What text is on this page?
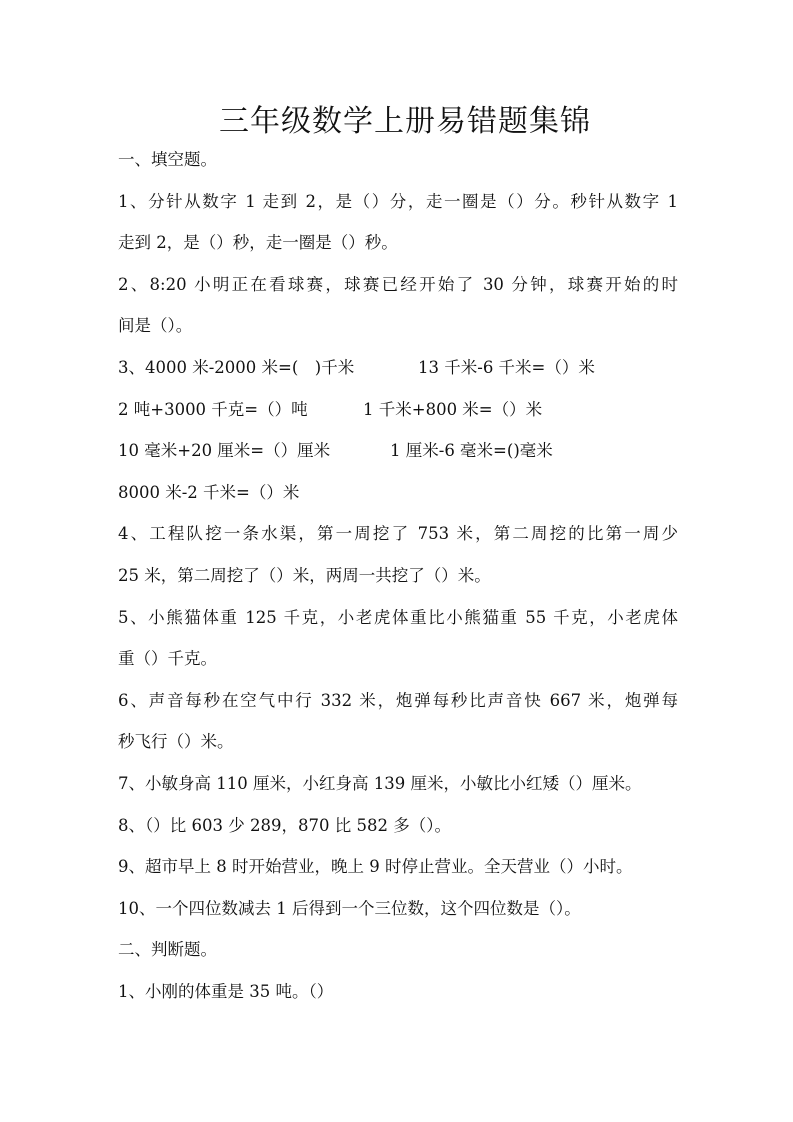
三年级数学上册易错题集锦
一、填空题。
1、分针从数字 1 走到 2，是（）分，走一圈是（）分。秒针从数字 1
走到 2，是（）秒，走一圈是（）秒。
2、8:20 小明正在看球赛，球赛已经开始了 30 分钟，球赛开始的时
间是（）。
3、4000 米-2000 米=(　)千米	13 千米-6 千米=（）米
2 吨+3000 千克=（）吨	1 千米+800 米=（）米
10 毫米+20 厘米=（）厘米	1 厘米-6 毫米=()毫米
8000 米-2 千米=（）米
4、工程队挖一条水渠，第一周挖了 753 米，第二周挖的比第一周少
25 米，第二周挖了（）米，两周一共挖了（）米。
5、小熊猫体重 125 千克，小老虎体重比小熊猫重 55 千克，小老虎体
重（）千克。
6、声音每秒在空气中行 332 米，炮弹每秒比声音快 667 米，炮弹每
秒飞行（）米。
7、小敏身高 110 厘米，小红身高 139 厘米，小敏比小红矮（）厘米。
8、（）比 603 少 289，870 比 582 多（）。
9、超市早上 8 时开始营业，晚上 9 时停止营业。全天营业（）小时。
10、一个四位数减去 1 后得到一个三位数，这个四位数是（）。
二、判断题。
1、小刚的体重是 35 吨。（）
